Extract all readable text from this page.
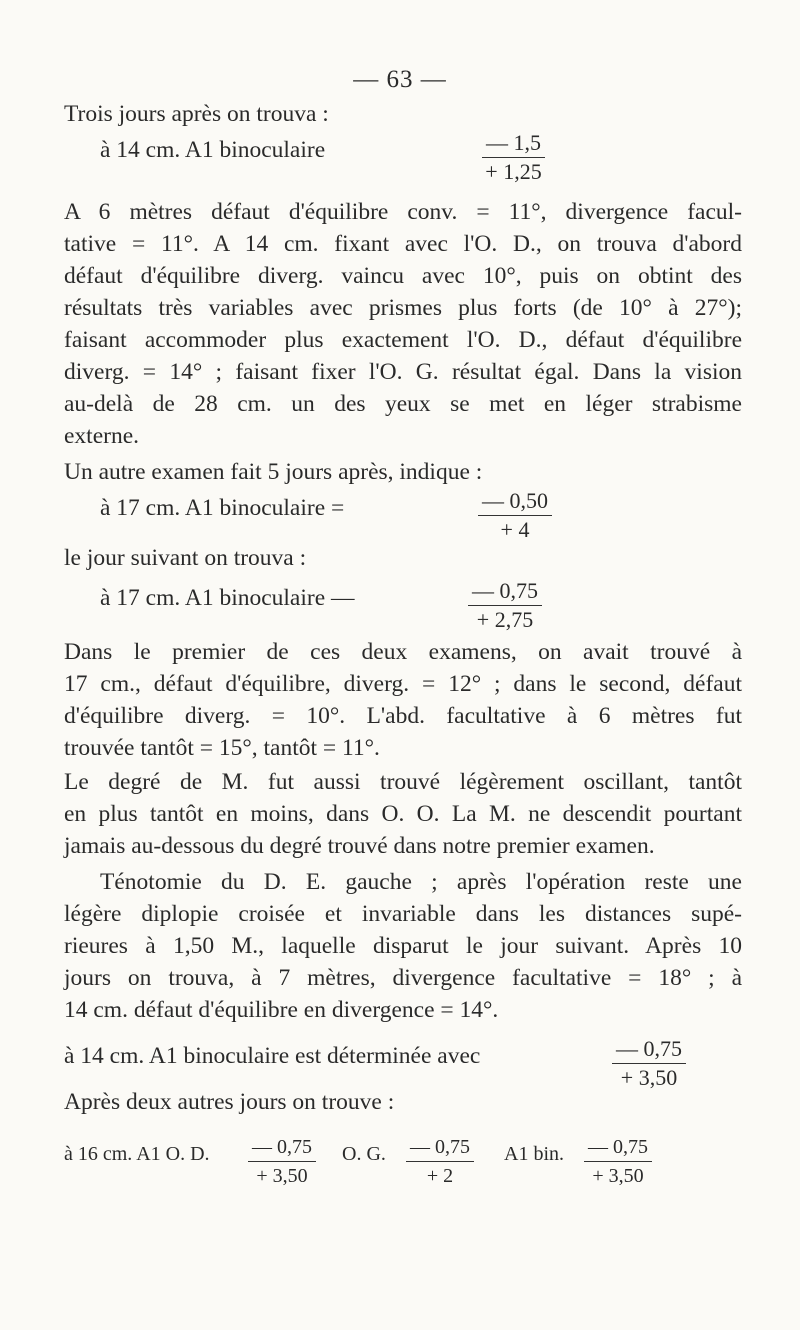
— 63 —
Trois jours après on trouva :
à 14 cm. A1 binoculaire	$\frac{— 1,5}{+ 1,25}$
A 6 mètres défaut d'équilibre conv. = 11°, divergence facul-
tative = 11°. A 14 cm. fixant avec l'O. D., on trouva d'abord
défaut d'équilibre diverg. vaincu avec 10°, puis on obtint des
résultats très variables avec prismes plus forts (de 10° à 27°);
faisant accommoder plus exactement l'O. D., défaut d'équilibre
diverg. = 14° ; faisant fixer l'O. G. résultat égal. Dans la vision
au-delà de 28 cm. un des yeux se met en léger strabisme
externe.
Un autre examen fait 5 jours après, indique :
à 17 cm. A1 binoculaire =	$\frac{— 0,50}{+ 4}$
le jour suivant on trouva :
à 17 cm. A1 binoculaire —	$\frac{— 0,75}{+ 2,75}$
Dans le premier de ces deux examens, on avait trouvé à
17 cm., défaut d'équilibre, diverg. = 12° ; dans le second, défaut
d'équilibre diverg. = 10°. L'abd. facultative à 6 mètres fut
trouvée tantôt = 15°, tantôt = 11°.
Le degré de M. fut aussi trouvé légèrement oscillant, tantôt
en plus tantôt en moins, dans O. O. La M. ne descendit pourtant
jamais au-dessous du degré trouvé dans notre premier examen.
Ténotomie du D. E. gauche ; après l'opération reste une
légère diplopie croisée et invariable dans les distances supé-
rieures à 1,50 M., laquelle disparut le jour suivant. Après 10
jours on trouva, à 7 mètres, divergence facultative = 18° ; à
14 cm. défaut d'équilibre en divergence = 14°.
à 14 cm. A1 binoculaire est déterminée avec	$\frac{— 0,75}{+ 3,50}$
Après deux autres jours on trouve :
à 16 cm. A1 O. D.	$\frac{— 0,75}{+ 3,50} O$. G.	$\frac{— 0,75}{+ 2} A1$ bin.	$\frac{— 0,75}{+ 3,50}$
